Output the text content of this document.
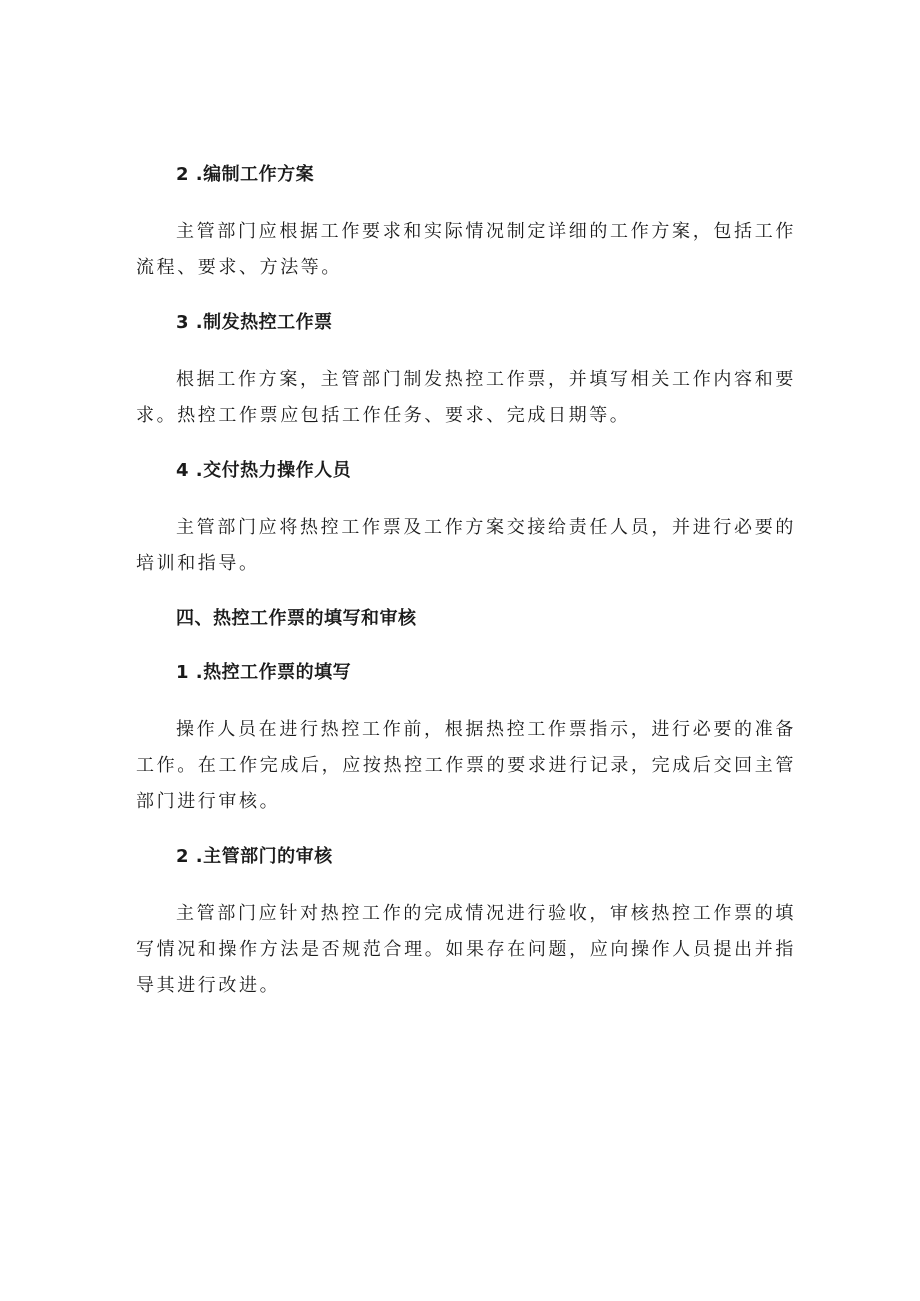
2 .编制工作方案

主管部门应根据工作要求和实际情况制定详细的工作方案，包括工作流程、要求、方法等。

3 .制发热控工作票

根据工作方案，主管部门制发热控工作票，并填写相关工作内容和要求。热控工作票应包括工作任务、要求、完成日期等。

4 .交付热力操作人员

主管部门应将热控工作票及工作方案交接给责任人员，并进行必要的培训和指导。

四、热控工作票的填写和审核
1 .热控工作票的填写

操作人员在进行热控工作前，根据热控工作票指示，进行必要的准备工作。在工作完成后，应按热控工作票的要求进行记录，完成后交回主管部门进行审核。

2 .主管部门的审核

主管部门应针对热控工作的完成情况进行验收，审核热控工作票的填写情况和操作方法是否规范合理。如果存在问题，应向操作人员提出并指导其进行改进。
